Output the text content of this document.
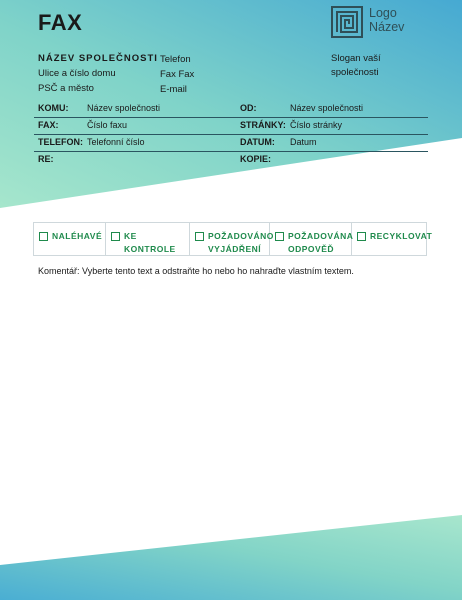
FAX	Logo
Název
NÁZEV SPOLEČNOSTI
Ulice a číslo domu
PSČ a město
Telefon
Fax Fax
E-mail
Slogan vaší společnosti
KOMU: Název společnosti	OD:	Název společnosti
FAX:	Číslo faxu	STRÁNKY: Číslo stránky
TELEFON: Telefonní číslo	DATUM: Datum
RE:	KOPIE:
NALÉHAVÉ	KE KONTROLE
POŽADOVÁNO VYJÁDŘENÍ
POŽADOVÁNA ODPOVĚĎ
RECYKLOVAT
Komentář: Vyberte tento text a odstraňte ho nebo ho nahraďte vlastním textem.
